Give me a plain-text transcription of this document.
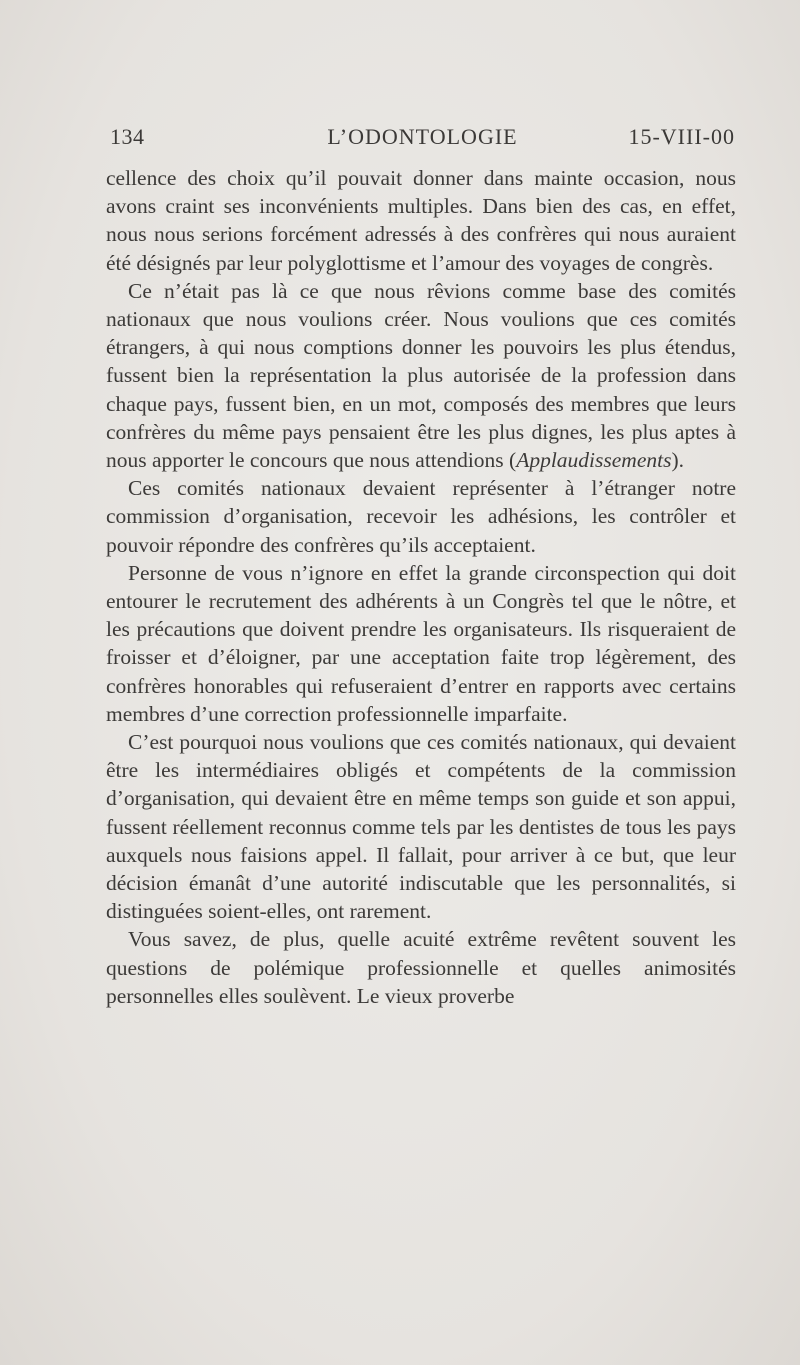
134	L’ODONTOLOGIE	15-VIII-00

cellence des choix qu’il pouvait donner dans mainte occasion, nous avons craint ses inconvénients multiples. Dans bien des cas, en effet, nous nous serions forcément adressés à des confrères qui nous auraient été désignés par leur polyglottisme et l’amour des voyages de congrès.

Ce n’était pas là ce que nous rêvions comme base des comités nationaux que nous voulions créer. Nous voulions que ces comités étrangers, à qui nous comptions donner les pouvoirs les plus étendus, fussent bien la représentation la plus autorisée de la profession dans chaque pays, fussent bien, en un mot, composés des membres que leurs confrères du même pays pensaient être les plus dignes, les plus aptes à nous apporter le concours que nous attendions (Applaudissements).

Ces comités nationaux devaient représenter à l’étranger notre commission d’organisation, recevoir les adhésions, les contrôler et pouvoir répondre des confrères qu’ils acceptaient.

Personne de vous n’ignore en effet la grande circonspection qui doit entourer le recrutement des adhérents à un Congrès tel que le nôtre, et les précautions que doivent prendre les organisateurs. Ils risqueraient de froisser et d’éloigner, par une acceptation faite trop légèrement, des confrères honorables qui refuseraient d’entrer en rapports avec certains membres d’une correction professionnelle imparfaite.

C’est pourquoi nous voulions que ces comités nationaux, qui devaient être les intermédiaires obligés et compétents de la commission d’organisation, qui devaient être en même temps son guide et son appui, fussent réellement reconnus comme tels par les dentistes de tous les pays auxquels nous faisions appel. Il fallait, pour arriver à ce but, que leur décision émanât d’une autorité indiscutable que les personnalités, si distinguées soient-elles, ont rarement.

Vous savez, de plus, quelle acuité extrême revêtent souvent les questions de polémique professionnelle et quelles animosités personnelles elles soulèvent. Le vieux proverbe
